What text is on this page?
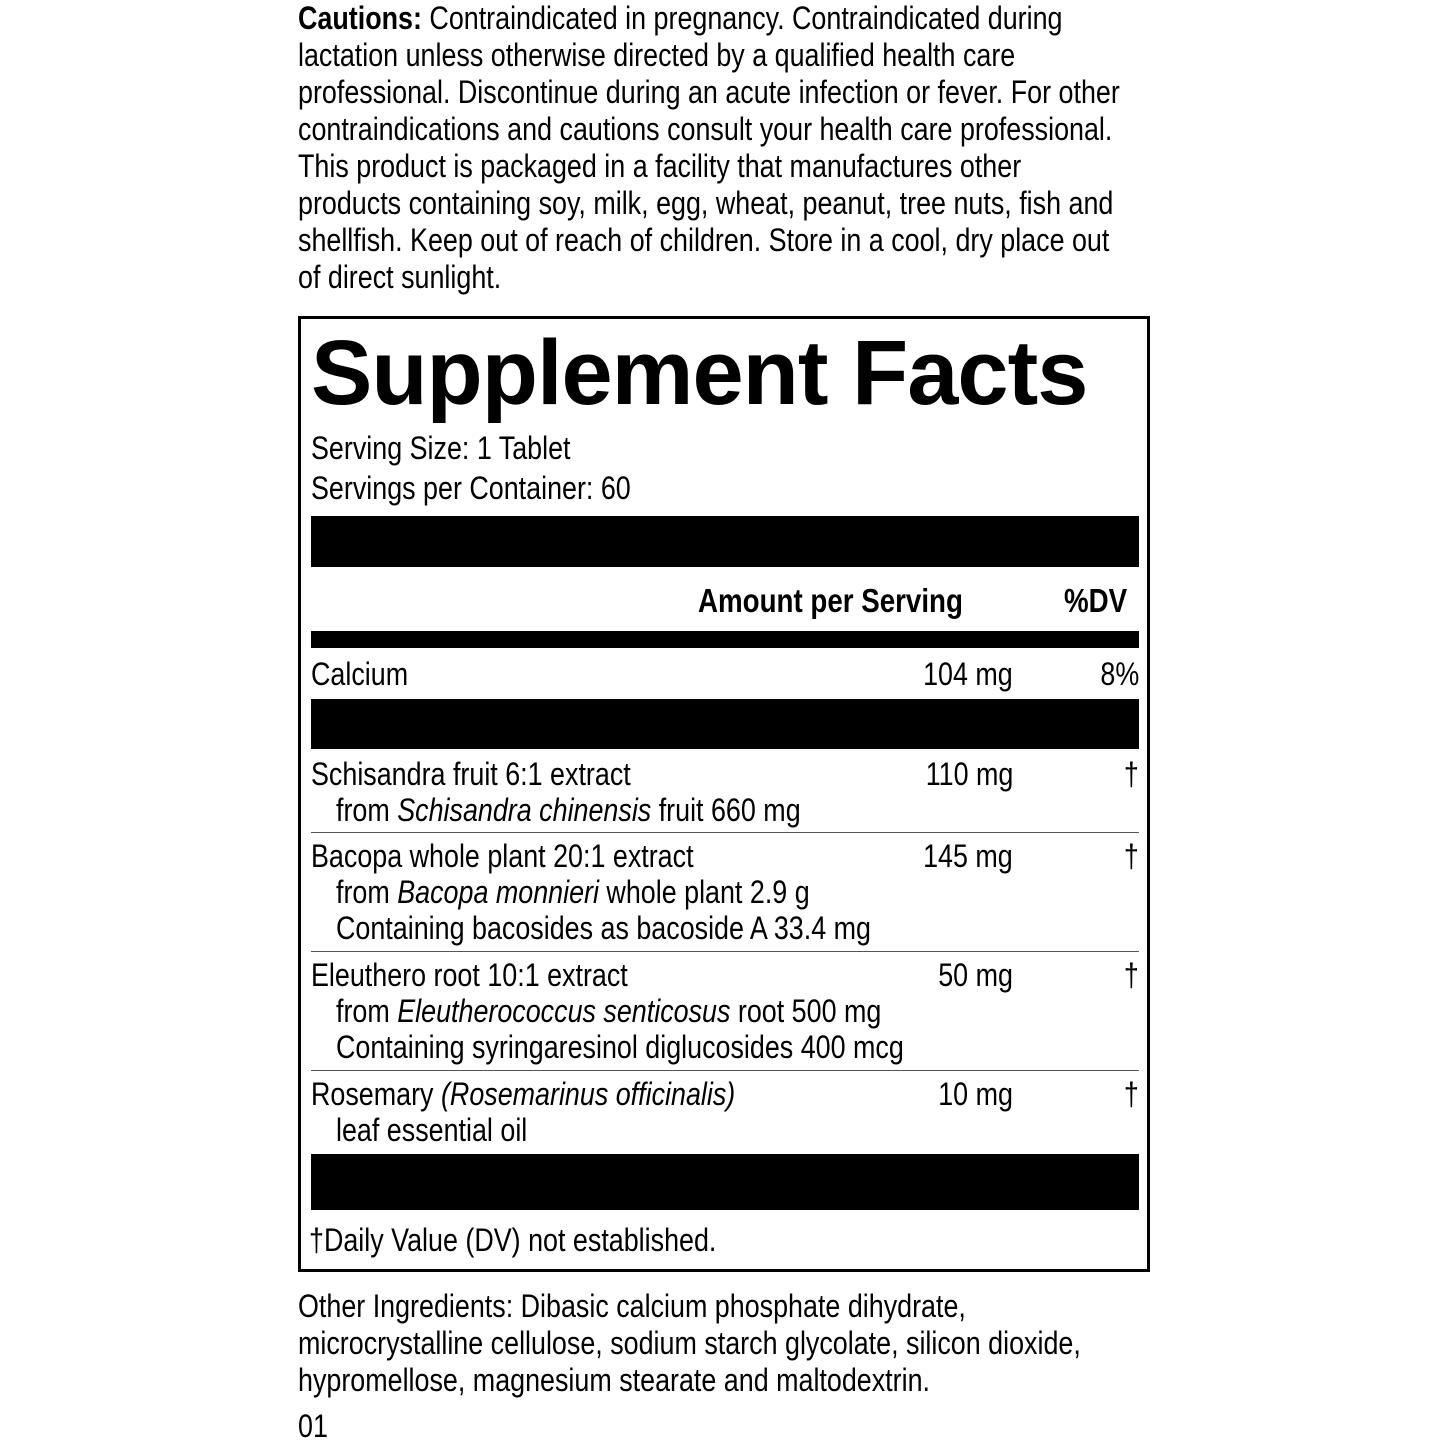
Cautions: Contraindicated in pregnancy. Contraindicated during
lactation unless otherwise directed by a qualified health care
professional. Discontinue during an acute infection or fever. For other
contraindications and cautions consult your health care professional.
This product is packaged in a facility that manufactures other
products containing soy, milk, egg, wheat, peanut, tree nuts, fish and
shellfish. Keep out of reach of children. Store in a cool, dry place out
of direct sunlight.
Supplement Facts
Serving Size: 1 Tablet
Servings per Container: 60
Amount per Serving	%DV
Calcium	104 mg	8%
Schisandra fruit 6:1 extract
from Schisandra chinensis fruit 660 mg
110 mg	†
Bacopa whole plant 20:1 extract
from Bacopa monnieri whole plant 2.9 g
Containing bacosides as bacoside A 33.4 mg
145 mg	†
Eleuthero root 10:1 extract
from Eleutherococcus senticosus root 500 mg
Containing syringaresinol diglucosides 400 mcg
50 mg	†
Rosemary (Rosemarinus officinalis)
leaf essential oil
10 mg	†
†Daily Value (DV) not established.
Other Ingredients: Dibasic calcium phosphate dihydrate,
microcrystalline cellulose, sodium starch glycolate, silicon dioxide,
hypromellose, magnesium stearate and maltodextrin.
01
